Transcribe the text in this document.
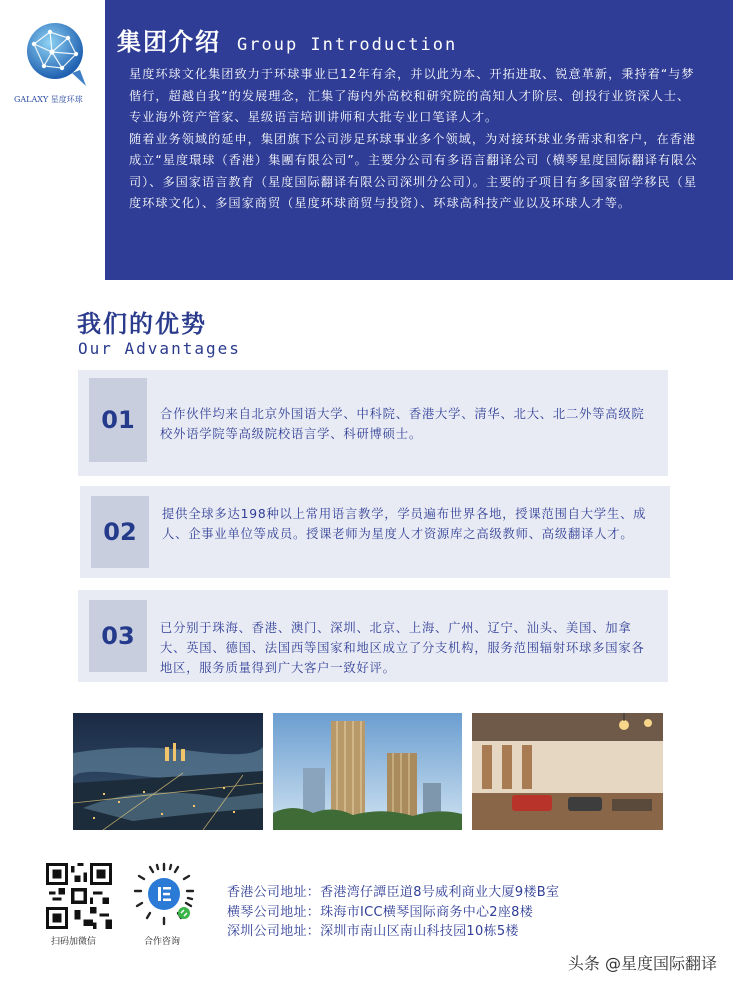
GALAXY 星度环球
集团介绍 Group Introduction

星度环球文化集团致力于环球事业已12年有余，并以此为本、开拓进取、锐意革新，秉持着“与梦偕行，超越自我”的发展理念，汇集了海内外高校和研究院的高知人才阶层、创投行业资深人士、专业海外资产管家、星级语言培训讲师和大批专业口笔译人才。

随着业务领域的延申，集团旗下公司涉足环球事业多个领域，为对接环球业务需求和客户，在香港成立“星度環球（香港）集團有限公司”。主要分公司有多语言翻译公司（横琴星度国际翻译有限公司）、多国家语言教育（星度国际翻译有限公司深圳分公司）。主要的子项目有多国家留学移民（星度环球文化）、多国家商贸（星度环球商贸与投资）、环球高科技产业以及环球人才等。

我们的优势
Our Advantages
01	合作伙伴均来自北京外国语大学、中科院、香港大学、清华、北大、北二外等高级院校外语学院等高级院校语言学、科研博硕士。
02
提供全球多达198种以上常用语言教学，学员遍布世界各地，授课范围自大学生、成人、企事业单位等成员。授课老师为星度人才资源库之高级教师、高级翻译人才。
03	已分别于珠海、香港、澳门、深圳、北京、上海、广州、辽宁、汕头、美国、加拿大、英国、德国、法国西等国家和地区成立了分支机构，服务范围辐射环球多国家各地区，服务质量得到广大客户一致好评。
扫码加微信	合作咨询
香港公司地址：香港湾仔譚臣道8号威利商业大厦9楼B室
横琴公司地址：珠海市ICC横琴国际商务中心2座8楼
深圳公司地址：深圳市南山区南山科技园10栋5楼
头条 @星度国际翻译
